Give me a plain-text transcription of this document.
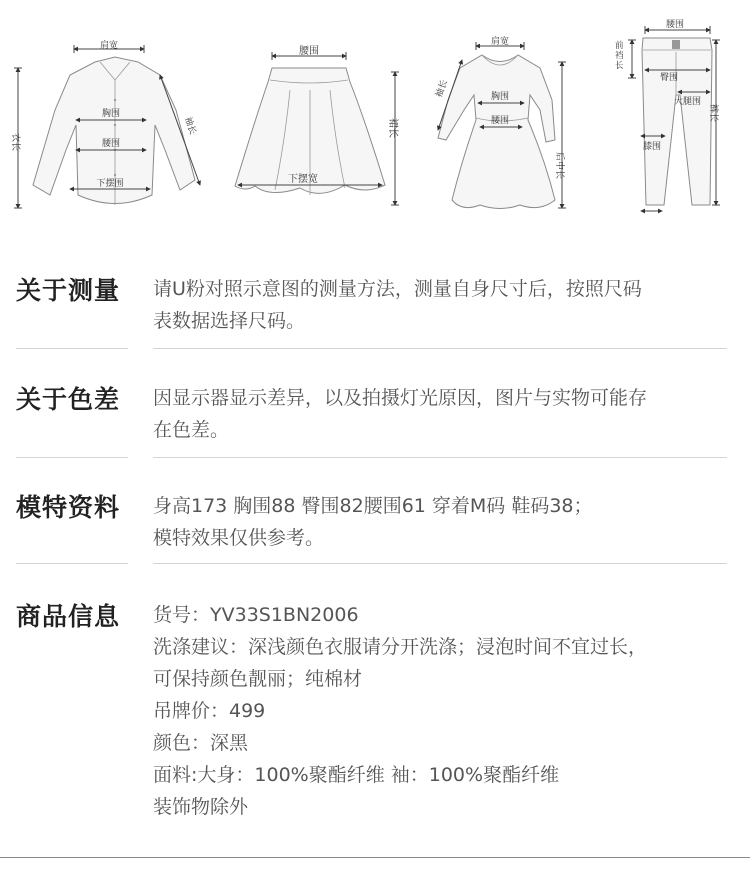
肩宽
胸围
腰围
下摆围
袖长
衣长
腰围
下摆宽
裙长
肩宽
袖长	胸围
腰围
后中长
腰围
前裆长
臀围
大腿围
膝围
裤长
关于测量 请U粉对照示意图的测量方法，测量自身尺寸后，按照尺码

表数据选择尺码。

关于色差 因显示器显示差异，以及拍摄灯光原因，图片与实物可能存

在色差。

模特资料 身高173 胸围88 臀围82腰围61 穿着M码 鞋码38；

模特效果仅供参考。

商品信息 货号：YV33S1BN2006

洗涤建议：深浅颜色衣服请分开洗涤；浸泡时间不宜过长，

可保持颜色靓丽；纯棉材

吊牌价：499

颜色：深黑

面料:大身：100%聚酯纤维 袖：100%聚酯纤维

装饰物除外
